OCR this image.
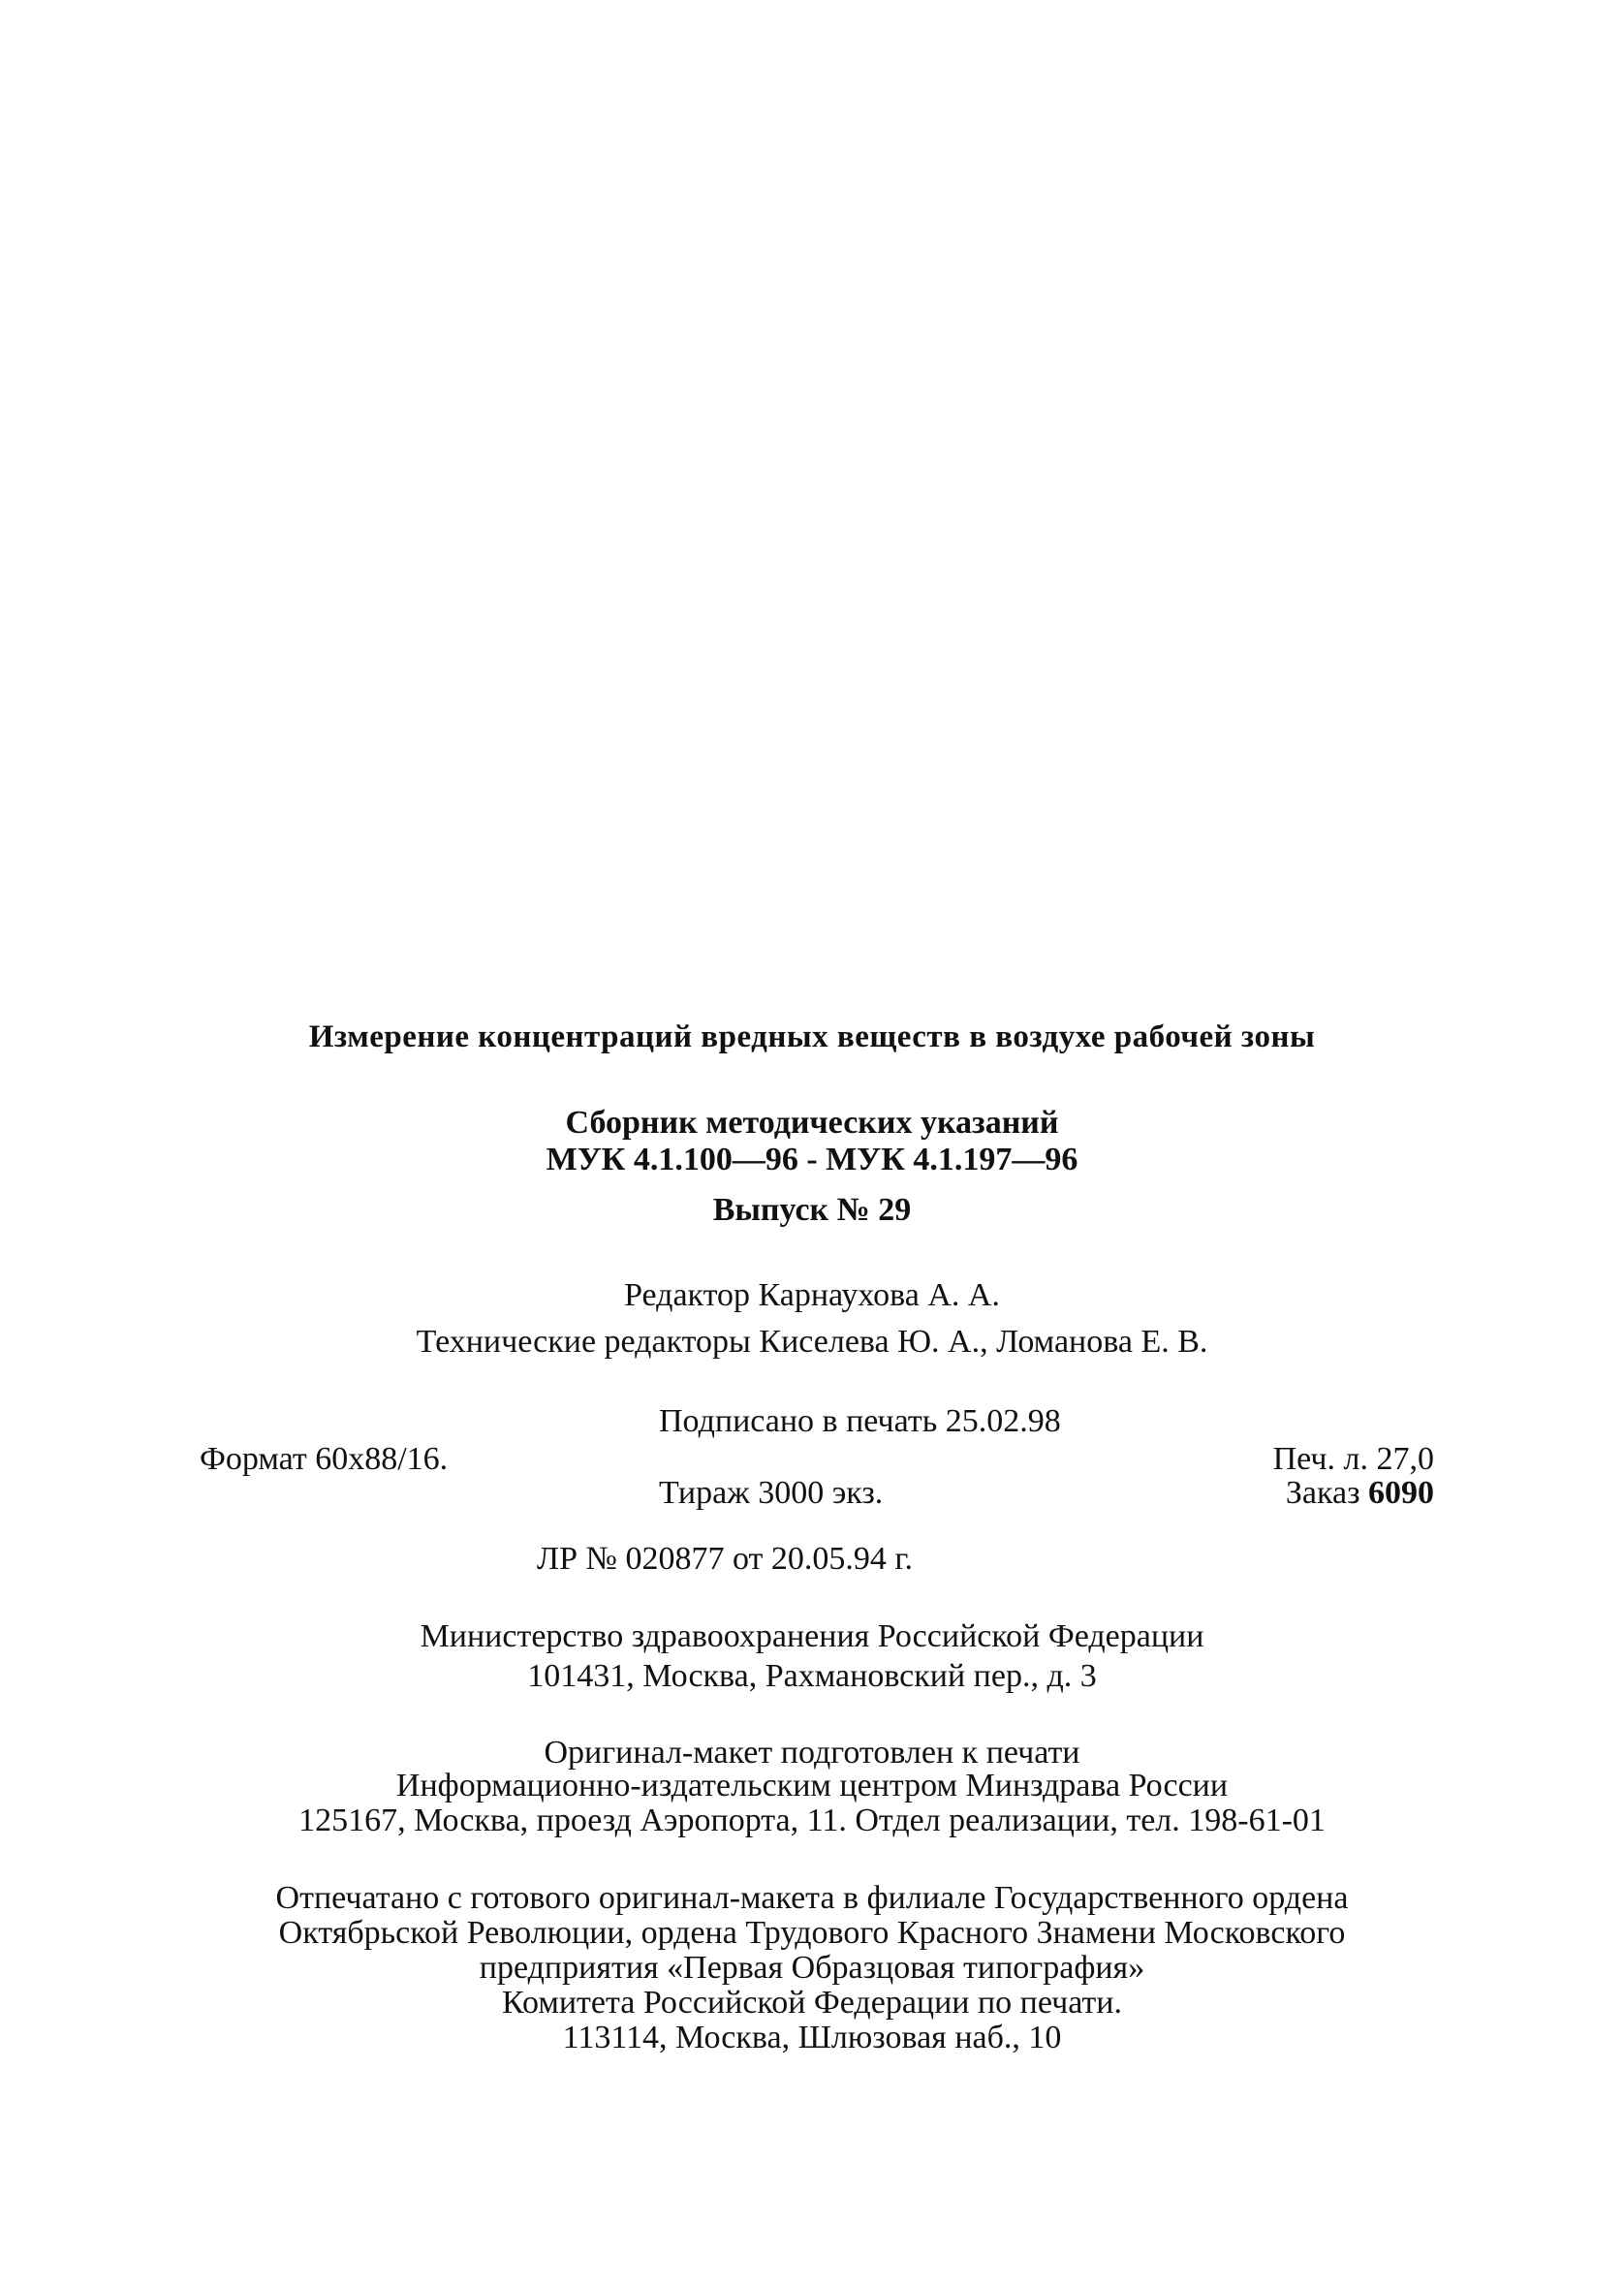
Измерение концентраций вредных веществ в воздухе рабочей зоны
Сборник методических указаний
МУК 4.1.100—96 - МУК 4.1.197—96
Выпуск № 29
Редактор Карнаухова А. А.
Технические редакторы Киселева Ю. А., Ломанова Е. В.
Подписано в печать 25.02.98
Формат 60x88/16.	Печ. л. 27,0
Тираж 3000 экз.	Заказ 6090
ЛР № 020877 от 20.05.94 г.
Министерство здравоохранения Российской Федерации
101431, Москва, Рахмановский пер., д. 3
Оригинал-макет подготовлен к печати
Информационно-издательским центром Минздрава России
125167, Москва, проезд Аэропорта, 11. Отдел реализации, тел. 198-61-01
Отпечатано с готового оригинал-макета в филиале Государственного ордена
Октябрьской Революции, ордена Трудового Красного Знамени Московского
предприятия «Первая Образцовая типография»
Комитета Российской Федерации по печати.
113114, Москва, Шлюзовая наб., 10
